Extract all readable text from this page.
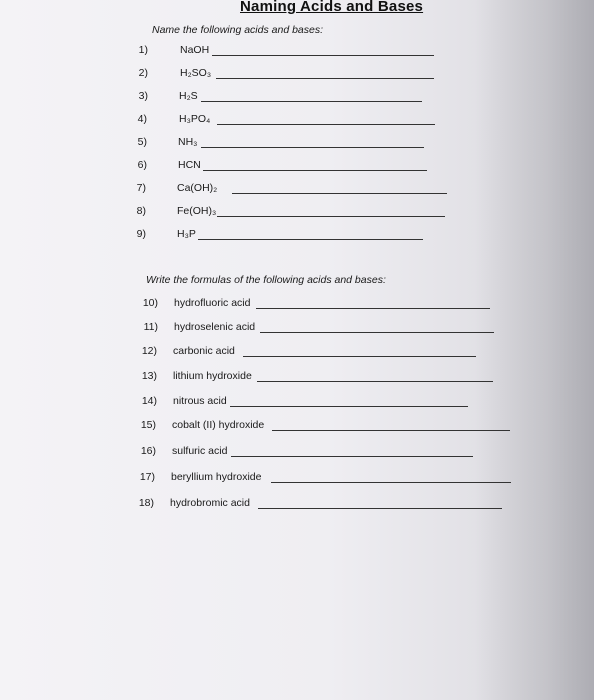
Naming Acids and Bases
Name the following acids and bases:
1)	NaOH
2)	H₂SO₃
3)	H₂S
4)	H₃PO₄
5)	NH₃
6)	HCN
7)	Ca(OH)₂
8)	Fe(OH)₃
9)	H₃P
Write the formulas of the following acids and bases:
10) hydrofluoric acid
11) hydroselenic acid
12) carbonic acid
13) lithium hydroxide
14) nitrous acid
15) cobalt (II) hydroxide
16) sulfuric acid
17) beryllium hydroxide
18) hydrobromic acid
